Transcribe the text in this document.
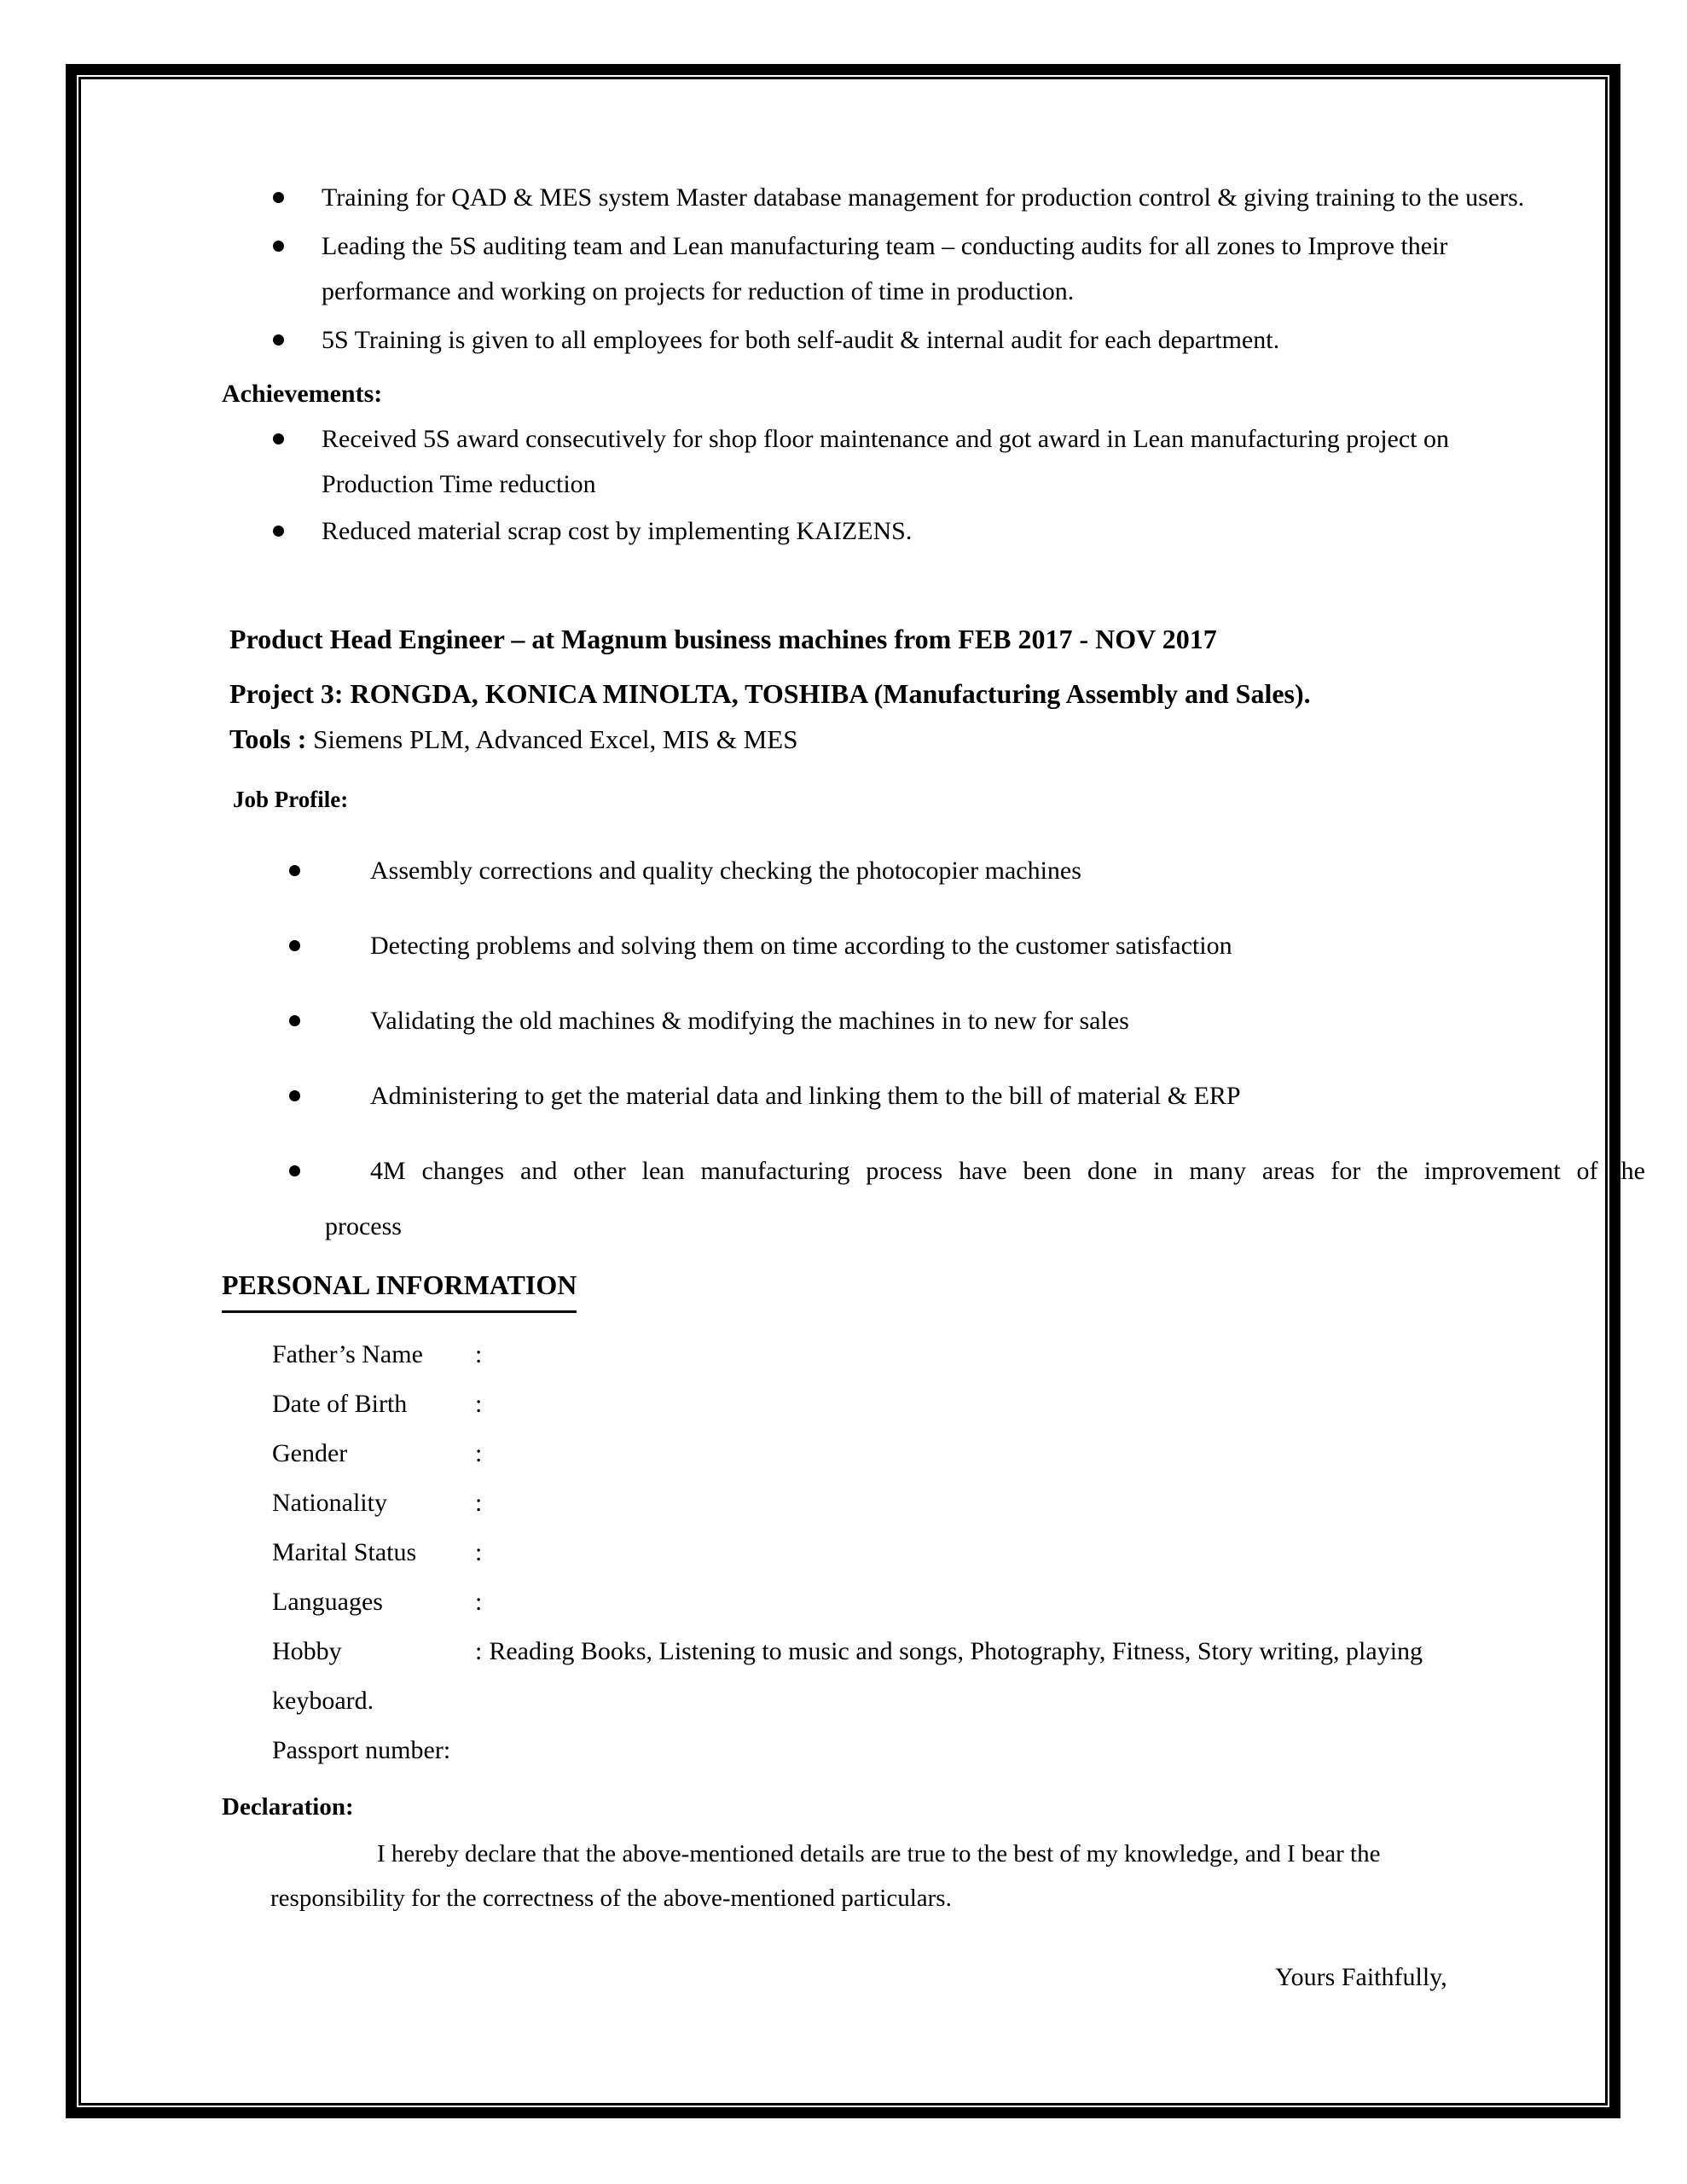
Training for QAD & MES system Master database management for production control & giving training to the users.
Leading the 5S auditing team and Lean manufacturing team – conducting audits for all zones to Improve their
performance and working on projects for reduction of time in production.
5S Training is given to all employees for both self-audit & internal audit for each department.
Achievements:
Received 5S award consecutively for shop floor maintenance and got award in Lean manufacturing project on
Production Time reduction
Reduced material scrap cost by implementing KAIZENS.
Product Head Engineer – at Magnum business machines from FEB 2017 - NOV 2017
Project 3: RONGDA, KONICA MINOLTA, TOSHIBA (Manufacturing Assembly and Sales).
Tools : Siemens PLM, Advanced Excel, MIS & MES
Job Profile:
Assembly corrections and quality checking the photocopier machines
Detecting problems and solving them on time according to the customer satisfaction
Validating the old machines & modifying the machines in to new for sales
Administering to get the material data and linking them to the bill of material & ERP
4M changes and other lean manufacturing process have been done in many areas for the improvement of the
process
PERSONAL INFORMATION
Father’s Name :
Date of Birth	:
Gender	:
Nationality	:
Marital Status :
Languages	:
Hobby	: Reading Books, Listening to music and songs, Photography, Fitness, Story writing, playing
keyboard.
Passport number:
Declaration:
I hereby declare that the above-mentioned details are true to the best of my knowledge, and I bear the
responsibility for the correctness of the above-mentioned particulars.
Yours Faithfully,
